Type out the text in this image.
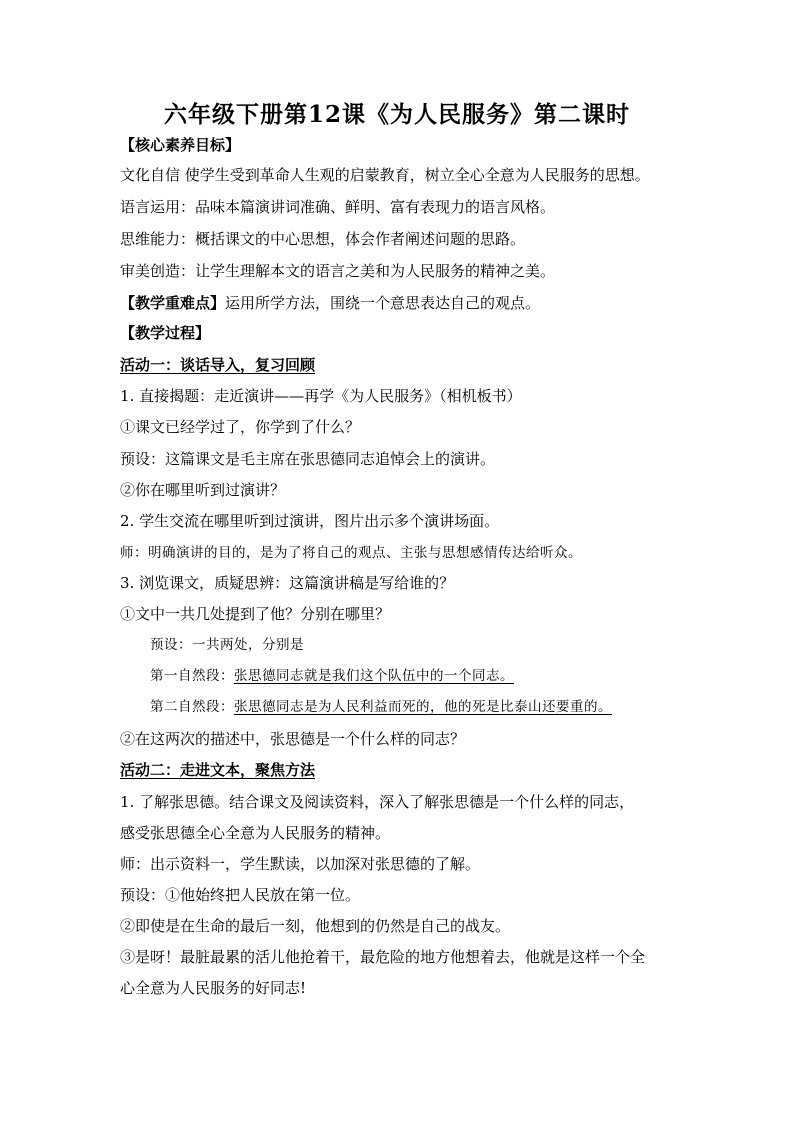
六年级下册第12课《为人民服务》第二课时
【核心素养目标】
文化自信 使学生受到革命人生观的启蒙教育，树立全心全意为人民服务的思想。
语言运用：品味本篇演讲词准确、鲜明、富有表现力的语言风格。
思维能力：概括课文的中心思想，体会作者阐述问题的思路。
审美创造：让学生理解本文的语言之美和为人民服务的精神之美。
【教学重难点】运用所学方法，围绕一个意思表达自己的观点。
【教学过程】
活动一：谈话导入，复习回顾
1. 直接揭题：走近演讲——再学《为人民服务》（相机板书）
①课文已经学过了，你学到了什么？
预设：这篇课文是毛主席在张思德同志追悼会上的演讲。
②你在哪里听到过演讲？
2. 学生交流在哪里听到过演讲，图片出示多个演讲场面。
师：明确演讲的目的，是为了将自己的观点、主张与思想感情传达给听众。
3. 浏览课文，质疑思辨：这篇演讲稿是写给谁的？
①文中一共几处提到了他？分别在哪里？
预设：一共两处，分别是
第一自然段：张思德同志就是我们这个队伍中的一个同志。
第二自然段：张思德同志是为人民利益而死的，他的死是比泰山还要重的。
②在这两次的描述中，张思德是一个什么样的同志？
活动二：走进文本，聚焦方法
1. 了解张思德。结合课文及阅读资料，深入了解张思德是一个什么样的同志，
感受张思德全心全意为人民服务的精神。
师：出示资料一，学生默读，以加深对张思德的了解。
预设：①他始终把人民放在第一位。
②即使是在生命的最后一刻，他想到的仍然是自己的战友。
③是呀！最脏最累的活儿他抢着干，最危险的地方他想着去，他就是这样一个全
心全意为人民服务的好同志!
